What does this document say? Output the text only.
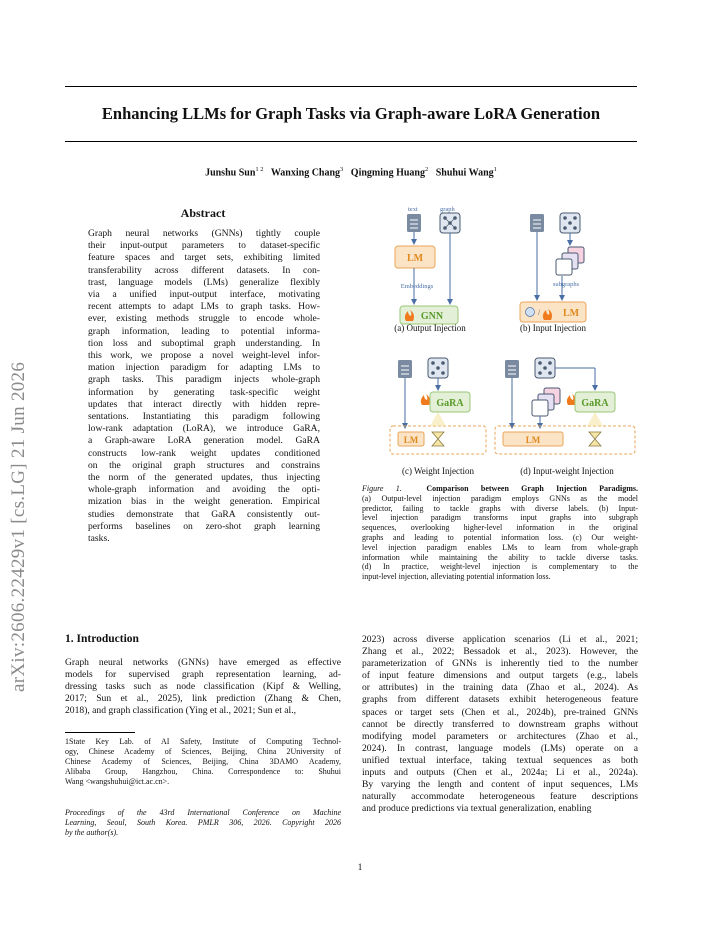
Enhancing LLMs for Graph Tasks via Graph-aware LoRA Generation
Junshu Sun$^{1 2}$ Wanxing Chang$^3$ Qingming Huang$^2$ Shuhui Wang$^1$
arXiv:2606.22429v1 [cs.LG] 21 Jun 2026
Abstract
Graph neural networks (GNNs) tightly couple
their input-output parameters to dataset-specific
feature spaces and target sets, exhibiting limited
transferability across different datasets. In con-
trast, language models (LMs) generalize flexibly
via a unified input-output interface, motivating
recent attempts to adapt LMs to graph tasks. How-
ever, existing methods struggle to encode whole-
graph information, leading to potential informa-
tion loss and suboptimal graph understanding. In
this work, we propose a novel weight-level infor-
mation injection paradigm for adapting LMs to
graph tasks. This paradigm injects whole-graph
information by generating task-specific weight
updates that interact directly with hidden repre-
sentations. Instantiating this paradigm following
low-rank adaptation (LoRA), we introduce GaRA,
a Graph-aware LoRA generation model. GaRA
constructs low-rank weight updates conditioned
on the original graph structures and constrains
the norm of the generated updates, thus injecting
whole-graph information and avoiding the opti-
mization bias in the weight generation. Empirical
studies demonstrate that GaRA consistently out-
performs baselines on zero-shot graph learning
tasks.
text	graph
LM
Embeddings
GNN
subgraphs
/ LM
GaRA
LM
(c) Weight Injection
GaRA
LM
(d) Input-weight Injection
(a) Output Injection	(b) Input Injection
Figure 1.	Comparison between Graph Injection Paradigms.
(a) Output-level injection paradigm employs GNNs as the model
predictor, failing to tackle graphs with diverse labels. (b) Input-
level injection paradigm transforms input graphs into subgraph
sequences, overlooking higher-level information in the original
graphs and leading to potential information loss. (c) Our weight-
level injection paradigm enables LMs to learn from whole-graph
information while maintaining the ability to tackle diverse tasks.
(d) In practice, weight-level injection is complementary to the
input-level injection, alleviating potential information loss.
1. Introduction
Graph neural networks (GNNs) have emerged as effective
models for supervised graph representation learning, ad-
dressing tasks such as node classification (Kipf & Welling,
2017; Sun et al., 2025), link prediction (Zhang & Chen,
2018), and graph classification (Ying et al., 2021; Sun et al.,
2023) across diverse application scenarios (Li et al., 2021;
Zhang et al., 2022; Bessadok et al., 2023). However, the
parameterization of GNNs is inherently tied to the number
of input feature dimensions and output targets (e.g., labels
or attributes) in the training data (Zhao et al., 2024). As
graphs from different datasets exhibit heterogeneous feature
spaces or target sets (Chen et al., 2024b), pre-trained GNNs
cannot be directly transferred to downstream graphs without
modifying model parameters or architectures (Zhao et al.,
2024). In contrast, language models (LMs) operate on a
unified textual interface, taking textual sequences as both
inputs and outputs (Chen et al., 2024a; Li et al., 2024a).
By varying the length and content of input sequences, LMs
naturally accommodate heterogeneous feature descriptions
and produce predictions via textual generalization, enabling
1State Key Lab. of AI Safety, Institute of Computing Technol-
ogy, Chinese Academy of Sciences, Beijing, China 2University of
Chinese Academy of Sciences, Beijing, China 3DAMO Academy,
Alibaba Group, Hangzhou, China. Correspondence to: Shuhui
Wang <wangshuhui@ict.ac.cn>.
Proceedings of the 43rd International Conference on Machine
Learning, Seoul, South Korea. PMLR 306, 2026. Copyright 2026
by the author(s).
1
